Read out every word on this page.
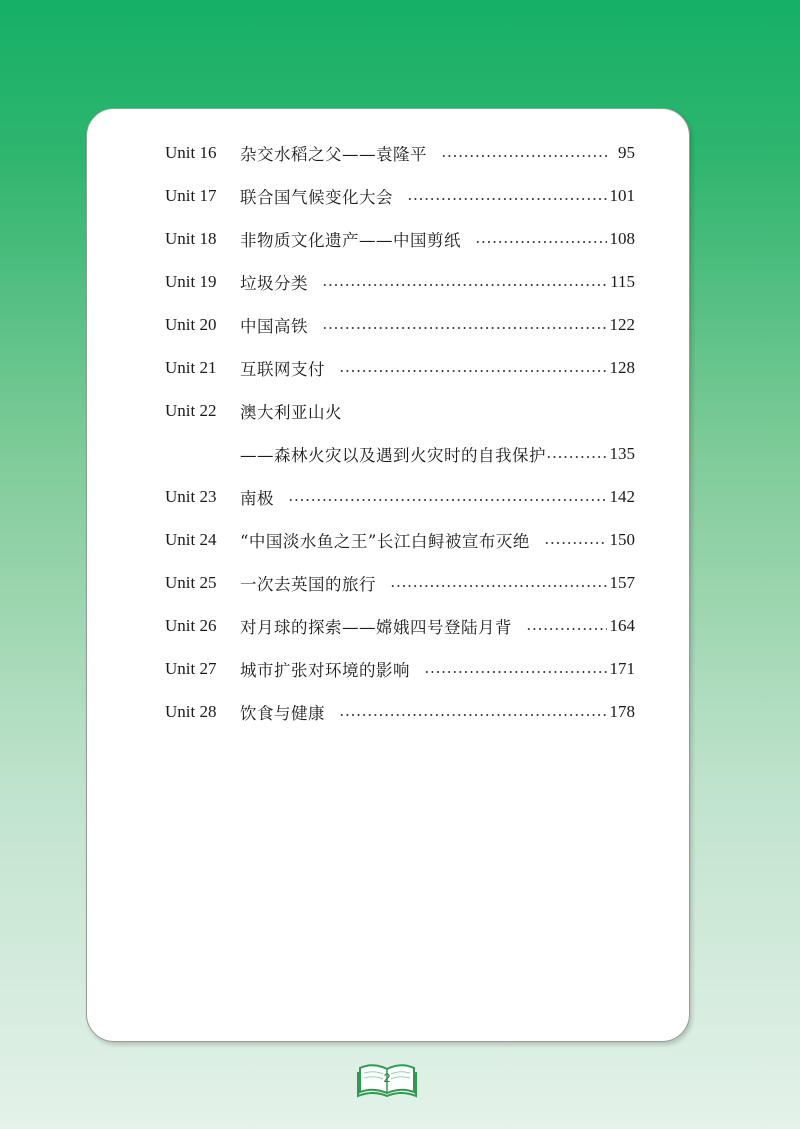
Unit 16	杂交水稻之父——袁隆平	95
Unit 17	联合国气候变化大会	101
Unit 18	非物质文化遗产——中国剪纸	108
Unit 19	垃圾分类	115
Unit 20	中国高铁	122
Unit 21	互联网支付	128
Unit 22	澳大利亚山火
——森林火灾以及遇到火灾时的自我保护	135
Unit 23	南极	142
Unit 24	“中国淡水鱼之王”长江白鲟被宣布灭绝	150
Unit 25	一次去英国的旅行	157
Unit 26	对月球的探索——嫦娥四号登陆月背	164
Unit 27	城市扩张对环境的影响	171
Unit 28	饮食与健康	178
2
